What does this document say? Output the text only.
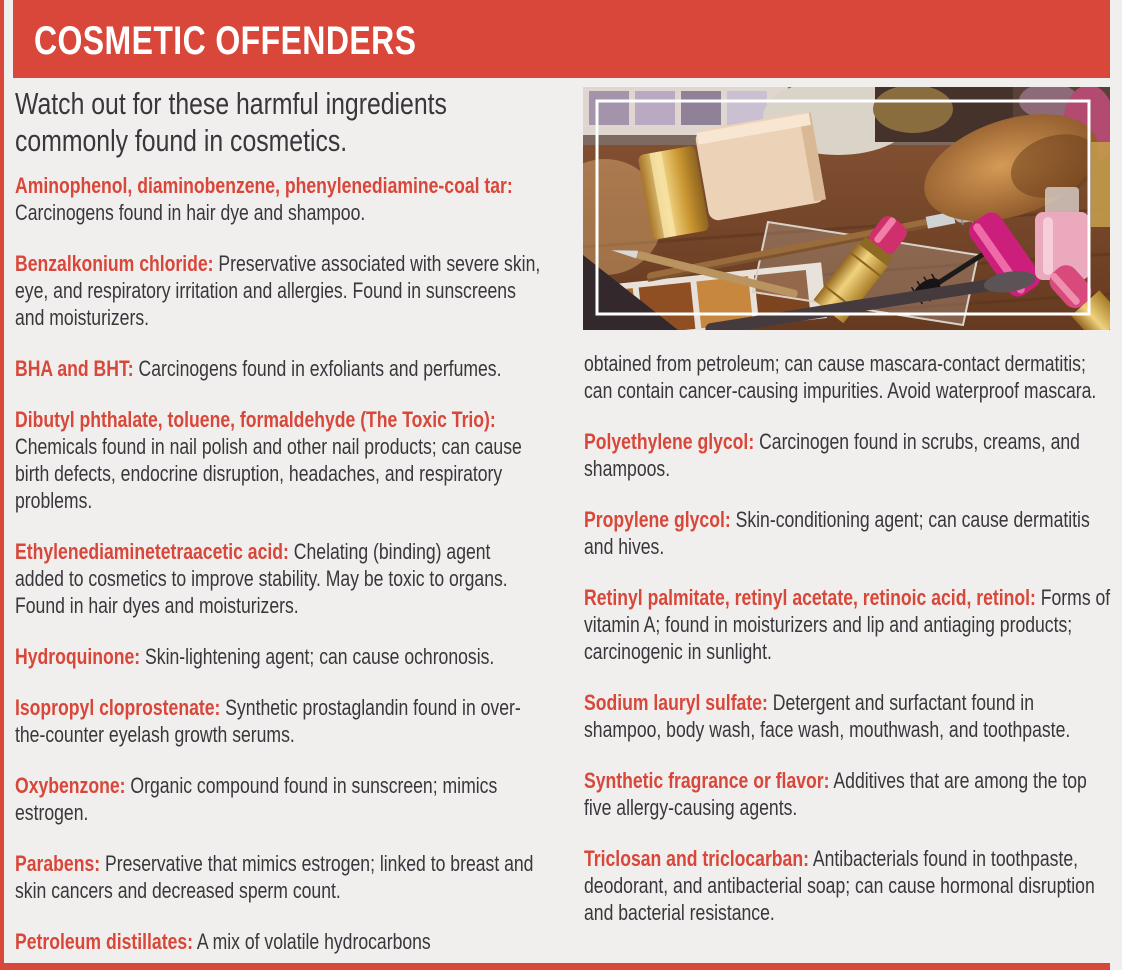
COSMETIC OFFENDERS

Watch out for these harmful ingredients commonly found in cosmetics.

Aminophenol, diaminobenzene, phenylenediamine-coal tar: Carcinogens found in hair dye and shampoo.

Benzalkonium chloride: Preservative associated with severe skin, eye, and respiratory irritation and allergies. Found in sunscreens and moisturizers.

BHA and BHT: Carcinogens found in exfoliants and perfumes.

Dibutyl phthalate, toluene, formaldehyde (The Toxic Trio): Chemicals found in nail polish and other nail products; can cause birth defects, endocrine disruption, headaches, and respiratory problems.

Ethylenediaminetetraacetic acid: Chelating (binding) agent added to cosmetics to improve stability. May be toxic to organs. Found in hair dyes and moisturizers.

Hydroquinone: Skin-lightening agent; can cause ochronosis.

Isopropyl cloprostenate: Synthetic prostaglandin found in over-the-counter eyelash growth serums.

Oxybenzone: Organic compound found in sunscreen; mimics estrogen.

Parabens: Preservative that mimics estrogen; linked to breast and skin cancers and decreased sperm count.

Petroleum distillates: A mix of volatile hydrocarbons

obtained from petroleum; can cause mascara-contact dermatitis; can contain cancer-causing impurities. Avoid waterproof mascara.

Polyethylene glycol: Carcinogen found in scrubs, creams, and shampoos.

Propylene glycol: Skin-conditioning agent; can cause dermatitis and hives.

Retinyl palmitate, retinyl acetate, retinoic acid, retinol: Forms of vitamin A; found in moisturizers and lip and antiaging products; carcinogenic in sunlight.

Sodium lauryl sulfate: Detergent and surfactant found in shampoo, body wash, face wash, mouthwash, and toothpaste.

Synthetic fragrance or flavor: Additives that are among the top five allergy-causing agents.

Triclosan and triclocarban: Antibacterials found in toothpaste, deodorant, and antibacterial soap; can cause hormonal disruption and bacterial resistance.
